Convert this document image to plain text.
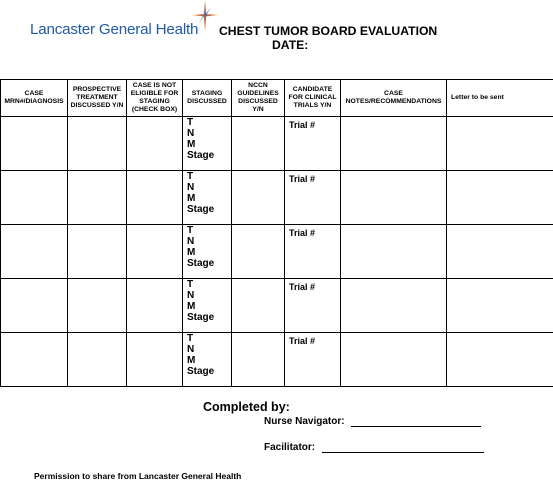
Lancaster General Health CHEST TUMOR BOARD EVALUATION
DATE:
CASE MRN#/DIAGNOSIS	PROSPECTIVE TREATMENT DISCUSSED Y/N	CASE IS NOT ELIGIBLE FOR STAGING (CHECK BOX)	STAGING DISCUSSED	NCCN GUIDELINES DISCUSSED Y/N	CANDIDATE FOR CLINICAL TRIALS Y/N	CASE NOTES/RECOMMENDATIONS	Letter to be sent

			T
N
M
Stage		Trial #		

			T
N
M
Stage		Trial #		

			T
N
M
Stage		Trial #		

			T
N
M
Stage		Trial #		

			T
N
M
Stage		Trial #		

Completed by:
Nurse Navigator:
Facilitator:
Permission to share from Lancaster General Health
